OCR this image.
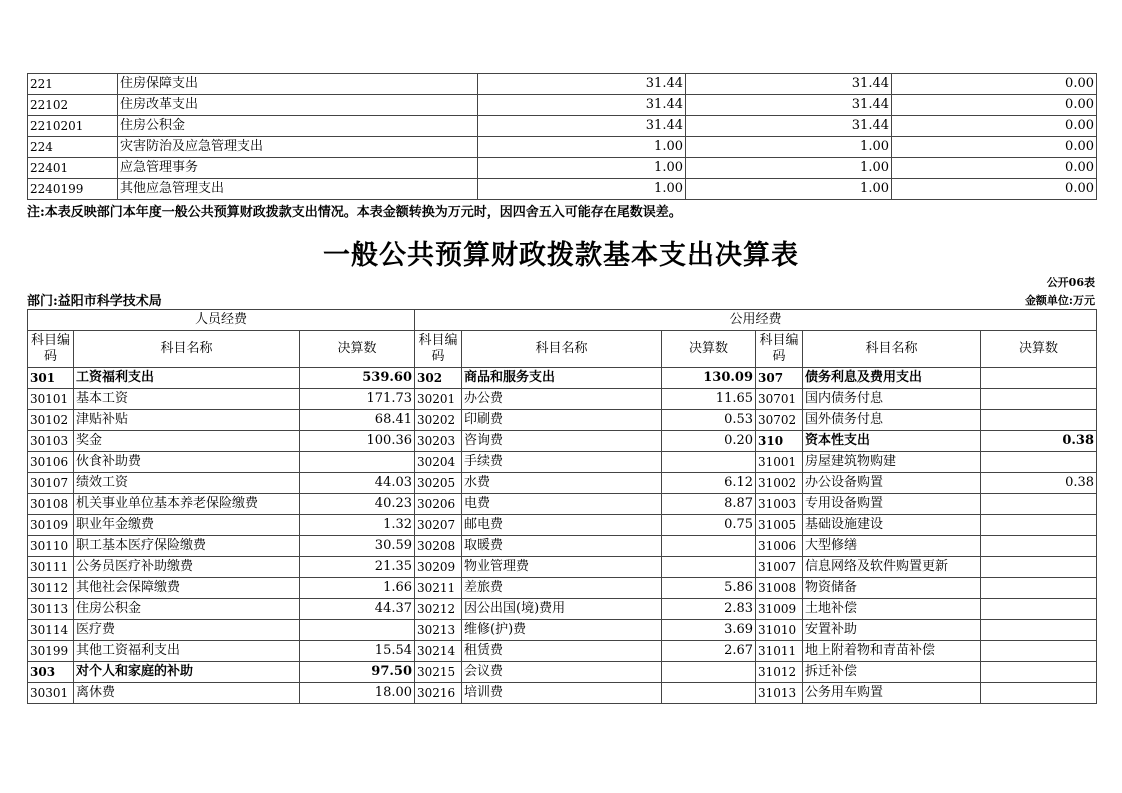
221	住房保障支出	31.44	31.44	0.00
22102	住房改革支出	31.44	31.44	0.00
2210201	住房公积金	31.44	31.44	0.00
224	灾害防治及应急管理支出	1.00	1.00	0.00
22401	应急管理事务	1.00	1.00	0.00
2240199	其他应急管理支出	1.00	1.00	0.00
注:本表反映部门本年度一般公共预算财政拨款支出情况。本表金额转换为万元时，因四舍五入可能存在尾数误差。
一般公共预算财政拨款基本支出决算表
公开06表
部门:益阳市科学技术局	金额单位:万元
人员经费			公用经费					
科目编码	科目名称	决算数	科目编码	科目名称	决算数	科目编码	科目名称	决算数
301	工资福利支出	539.60	302	商品和服务支出	130.09	307	债务利息及费用支出	
30101	基本工资	171.73	30201	办公费	11.65	30701	国内债务付息	
30102	津贴补贴	68.41	30202	印刷费	0.53	30702	国外债务付息	
30103	奖金	100.36	30203	咨询费	0.20	310	资本性支出	0.38
30106	伙食补助费		30204	手续费		31001	房屋建筑物购建	
30107	绩效工资	44.03	30205	水费	6.12	31002	办公设备购置	0.38
30108	机关事业单位基本养老保险缴费	40.23	30206	电费	8.87	31003	专用设备购置	
30109	职业年金缴费	1.32	30207	邮电费	0.75	31005	基础设施建设	
30110	职工基本医疗保险缴费	30.59	30208	取暖费		31006	大型修缮	
30111	公务员医疗补助缴费	21.35	30209	物业管理费		31007	信息网络及软件购置更新	
30112	其他社会保障缴费	1.66	30211	差旅费	5.86	31008	物资储备	
30113	住房公积金	44.37	30212	因公出国(境)费用	2.83	31009	土地补偿	
30114	医疗费		30213	维修(护)费	3.69	31010	安置补助	
30199	其他工资福利支出	15.54	30214	租赁费	2.67	31011	地上附着物和青苗补偿	
303	对个人和家庭的补助	97.50	30215	会议费		31012	拆迁补偿	
30301	离休费	18.00	30216	培训费		31013	公务用车购置	
